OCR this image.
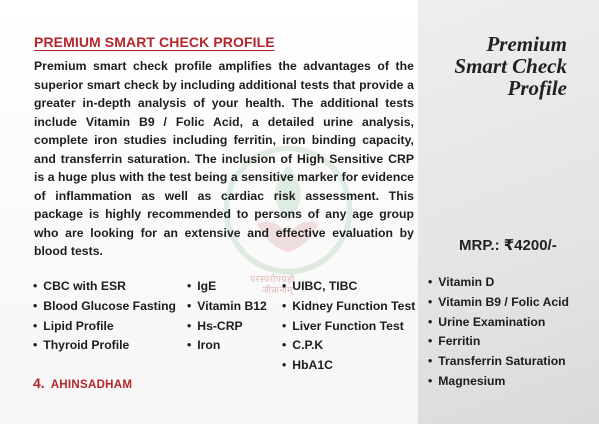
परस्परोपग्रहो
जीवानाम्
PREMIUM SMART CHECK PROFILE
Premium smart check profile amplifies the advantages of the superior smart check by including additional tests that provide a greater in-depth analysis of your health. The additional tests include Vitamin B9 / Folic Acid, a detailed urine analysis, complete iron studies including ferritin, iron binding capacity, and transferrin saturation. The inclusion of High Sensitive CRP is a huge plus with the test being a sensitive marker for evidence of inflammation as well as cardiac risk assessment. This package is highly recommended to persons of any age group who are looking for an extensive and effective evaluation by blood tests.
Premium
Smart Check
Profile
MRP.: ₹4200/-
• CBC with ESR
• Blood Glucose Fasting
• Lipid Profile
• Thyroid Profile
• IgE
• Vitamin B12
• Hs-CRP
• Iron
• UIBC, TIBC
• Kidney Function Test
• Liver Function Test
• C.P.K
• HbA1C
• Vitamin D
• Vitamin B9 / Folic Acid
• Urine Examination
• Ferritin
• Transferrin Saturation
• Magnesium
4. AHINSADHAM
